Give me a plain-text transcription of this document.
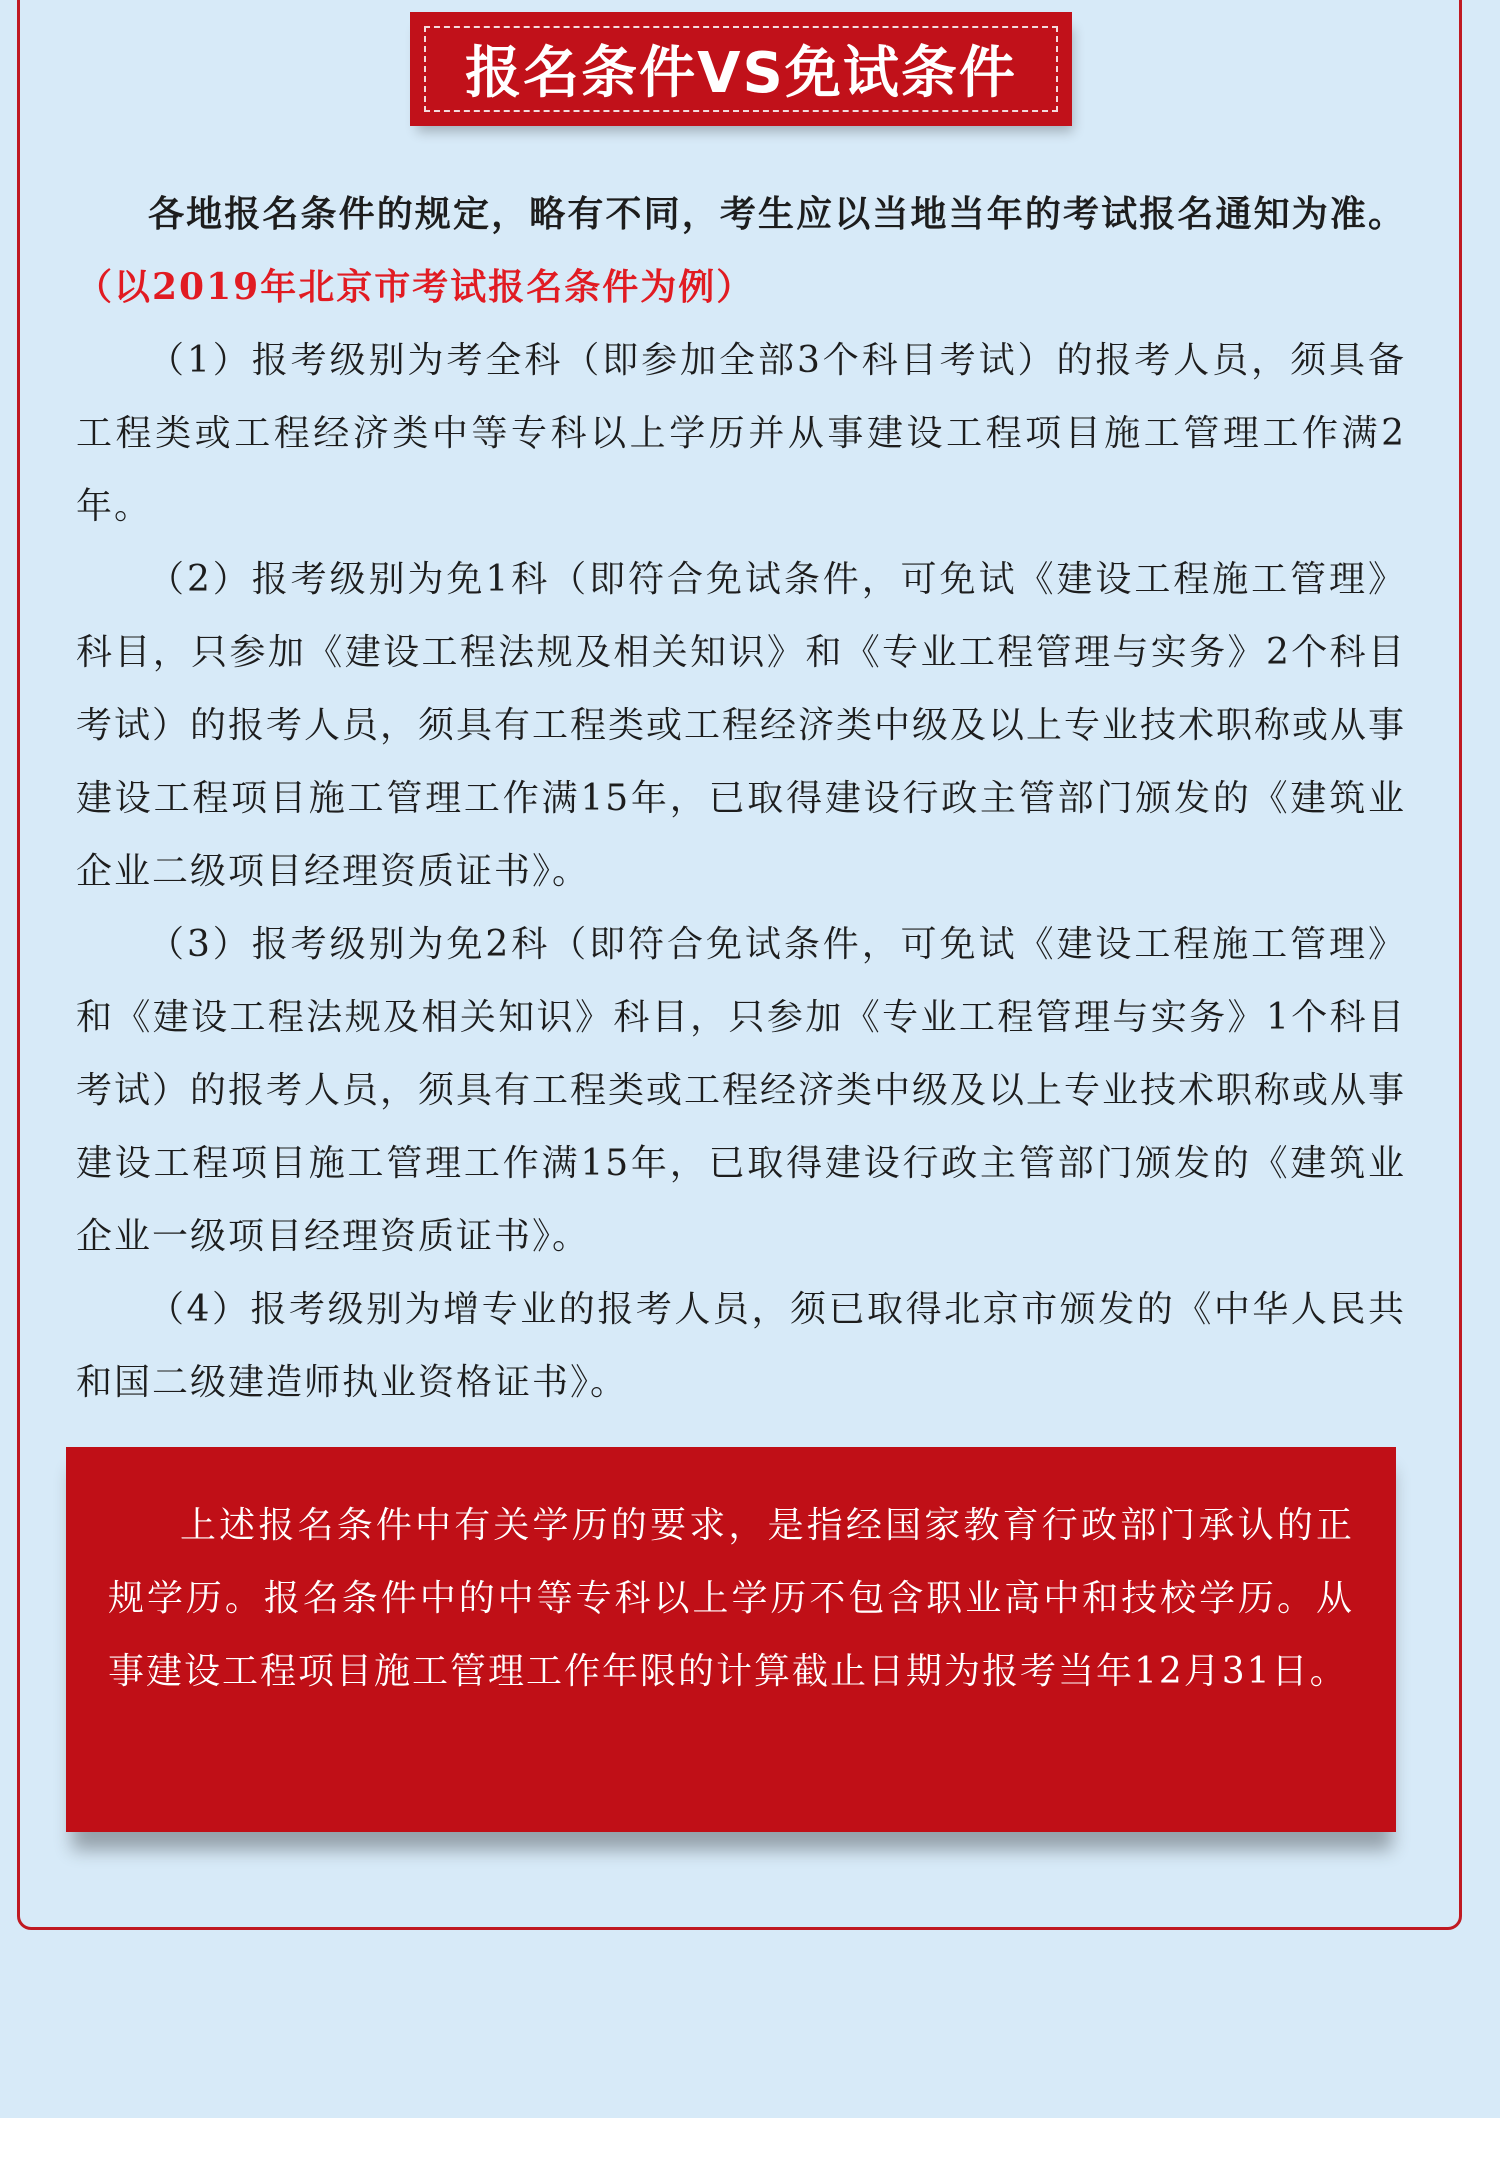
报名条件VS免试条件

各地报名条件的规定，略有不同，考生应以当地当年的考试报名通知为准。（以2019年北京市考试报名条件为例）

（1）报考级别为考全科（即参加全部3个科目考试）的报考人员，须具备工程类或工程经济类中等专科以上学历并从事建设工程项目施工管理工作满2年。

（2）报考级别为免1科（即符合免试条件，可免试《建设工程施工管理》科目，只参加《建设工程法规及相关知识》和《专业工程管理与实务》2个科目考试）的报考人员，须具有工程类或工程经济类中级及以上专业技术职称或从事建设工程项目施工管理工作满15年，已取得建设行政主管部门颁发的《建筑业企业二级项目经理资质证书》。

（3）报考级别为免2科（即符合免试条件，可免试《建设工程施工管理》和《建设工程法规及相关知识》科目，只参加《专业工程管理与实务》1个科目考试）的报考人员，须具有工程类或工程经济类中级及以上专业技术职称或从事建设工程项目施工管理工作满15年，已取得建设行政主管部门颁发的《建筑业企业一级项目经理资质证书》。

（4）报考级别为增专业的报考人员，须已取得北京市颁发的《中华人民共和国二级建造师执业资格证书》。

上述报名条件中有关学历的要求，是指经国家教育行政部门承认的正规学历。报名条件中的中等专科以上学历不包含职业高中和技校学历。从事建设工程项目施工管理工作年限的计算截止日期为报考当年12月31日。
